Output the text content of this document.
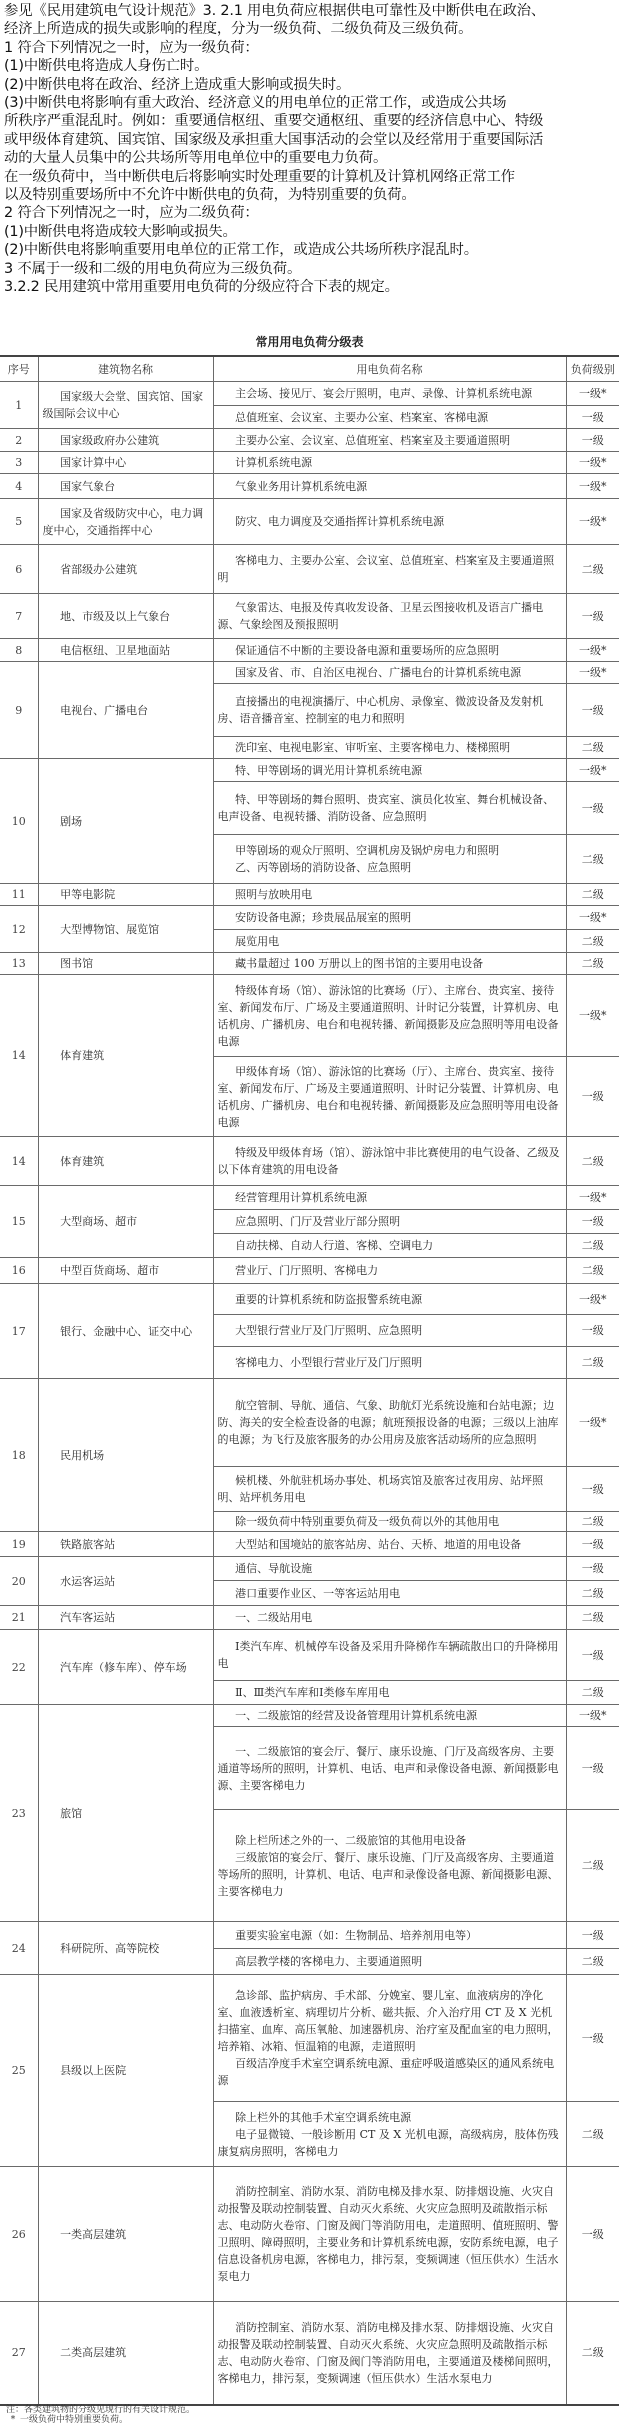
参见《民用建筑电气设计规范》3. 2.1 用电负荷应根据供电可靠性及中断供电在政治、

经济上所造成的损失或影响的程度，分为一级负荷、二级负荷及三级负荷。

1 符合下列情况之一时，应为一级负荷：

(1)中断供电将造成人身伤亡时。

(2)中断供电将在政治、经济上造成重大影响或损失时。

(3)中断供电将影响有重大政治、经济意义的用电单位的正常工作，或造成公共场

所秩序严重混乱时。例如：重要通信枢纽、重要交通枢纽、重要的经济信息中心、特级

或甲级体育建筑、国宾馆、国家级及承担重大国事活动的会堂以及经常用于重要国际活

动的大量人员集中的公共场所等用电单位中的重要电力负荷。

在一级负荷中，当中断供电后将影响实时处理重要的计算机及计算机网络正常工作

以及特别重要场所中不允许中断供电的负荷，为特别重要的负荷。

2 符合下列情况之一时，应为二级负荷：

(1)中断供电将造成较大影响或损失。

(2)中断供电将影响重要用电单位的正常工作，或造成公共场所秩序混乱时。

3 不属于一级和二级的用电负荷应为三级负荷。

3.2.2 民用建筑中常用重要用电负荷的分级应符合下表的规定。

常用用电负荷分级表
序号	建筑物名称	用电负荷名称	负荷级别
1	国家级大会堂、国宾馆、国家级国际会议中心	主会场、接见厅、宴会厅照明，电声、录像、计算机系统电源	一级*

		总值班室、会议室、主要办公室、档案室、客梯电源	一级
2	国家级政府办公建筑	主要办公室、会议室、总值班室、档案室及主要通道照明	一级
3	国家计算中心	计算机系统电源	一级*
4	国家气象台	气象业务用计算机系统电源	一级*
5	国家及省级防灾中心，电力调度中心，交通指挥中心	防灾、电力调度及交通指挥计算机系统电源	一级*
6	省部级办公建筑	客梯电力、主要办公室、会议室、总值班室、档案室及主要通道照明	二级
7	地、市级及以上气象台	气象雷达、电报及传真收发设备、卫星云图接收机及语言广播电源、气象绘图及预报照明	一级
8	电信枢纽、卫星地面站	保证通信不中断的主要设备电源和重要场所的应急照明	一级*
9	电视台、广播电台	国家及省、市、自治区电视台、广播电台的计算机系统电源	一级*

		直接播出的电视演播厅、中心机房、录像室、微波设备及发射机房、语音播音室、控制室的电力和照明	一级

		洗印室、电视电影室、审听室、主要客梯电力、楼梯照明	二级
10	剧场	特、甲等剧场的调光用计算机系统电源	一级*

		特、甲等剧场的舞台照明、贵宾室、演员化妆室、舞台机械设备、电声设备、电视转播、消防设备、应急照明	一级

		甲等剧场的观众厅照明、空调机房及锅炉房电力和照明
乙、丙等剧场的消防设备、应急照明	二级
11	甲等电影院	照明与放映用电	二级
12	大型博物馆、展览馆	安防设备电源；珍贵展品展室的照明	一级*

		展览用电	二级
13	图书馆	藏书量超过 100 万册以上的图书馆的主要用电设备	二级
14	体育建筑	特级体育场（馆）、游泳馆的比赛场（厅）、主席台、贵宾室、接待室、新闻发布厅、广场及主要通道照明、计时记分装置，计算机房、电话机房、广播机房、电台和电视转播、新闻摄影及应急照明等用电设备电源	一级*

		甲级体育场（馆）、游泳馆的比赛场（厅）、主席台、贵宾室、接待室、新闻发布厅、广场及主要通道照明、计时记分装置、计算机房、电话机房、广播机房、电台和电视转播、新闻摄影及应急照明等用电设备电源	一级
14	体育建筑	特级及甲级体育场（馆）、游泳馆中非比赛使用的电气设备、乙级及以下体育建筑的用电设备	二级
15	大型商场、超市	经营管理用计算机系统电源	一级*

		应急照明、门厅及营业厅部分照明	一级

		自动扶梯、自动人行道、客梯、空调电力	二级
16	中型百货商场、超市	营业厅、门厅照明、客梯电力	二级
17	银行、金融中心、证交中心	重要的计算机系统和防盗报警系统电源	一级*

		大型银行营业厅及门厅照明、应急照明	一级

		客梯电力、小型银行营业厅及门厅照明	二级
18	民用机场	航空管制、导航、通信、气象、助航灯光系统设施和台站电源；边防、海关的安全检查设备的电源；航班预报设备的电源；三级以上油库的电源；为飞行及旅客服务的办公用房及旅客活动场所的应急照明	一级*

		候机楼、外航驻机场办事处、机场宾馆及旅客过夜用房、站坪照明、站坪机务用电	一级

		除一级负荷中特别重要负荷及一级负荷以外的其他用电	二级
19	铁路旅客站	大型站和国境站的旅客站房、站台、天桥、地道的用电设备	一级
20	水运客运站	通信、导航设施	一级

		港口重要作业区、一等客运站用电	二级
21	汽车客运站	一、二级站用电	二级
22	汽车库（修车库）、停车场	Ⅰ类汽车库、机械停车设备及采用升降梯作车辆疏散出口的升降梯用电	一级

		Ⅱ、Ⅲ类汽车库和Ⅰ类修车库用电	二级
23	旅馆	一、二级旅馆的经营及设备管理用计算机系统电源	一级*

		一、二级旅馆的宴会厅、餐厅、康乐设施、门厅及高级客房、主要通道等场所的照明，计算机、电话、电声和录像设备电源、新闻摄影电源、主要客梯电力	一级

		除上栏所述之外的一、二级旅馆的其他用电设备
三级旅馆的宴会厅、餐厅、康乐设施、门厅及高级客房、主要通道等场所的照明，计算机、电话、电声和录像设备电源、新闻摄影电源、主要客梯电力	二级
24	科研院所、高等院校	重要实验室电源（如：生物制品、培养剂用电等）	一级

		高层教学楼的客梯电力、主要通道照明	二级
25	县级以上医院	急诊部、监护病房、手术部、分娩室、婴儿室、血液病房的净化室、血液透析室、病理切片分析、磁共振、介入治疗用 CT 及 X 光机扫描室、血库、高压氧舱、加速器机房、治疗室及配血室的电力照明，培养箱、冰箱、恒温箱的电源，走道照明
百级洁净度手术室空调系统电源、重症呼吸道感染区的通风系统电源	一级

		除上栏外的其他手术室空调系统电源
电子显微镜、一般诊断用 CT 及 X 光机电源，高级病房，肢体伤残康复病房照明，客梯电力	二级
26	一类高层建筑	消防控制室、消防水泵、消防电梯及排水泵、防排烟设施、火灾自动报警及联动控制装置、自动灭火系统、火灾应急照明及疏散指示标志、电动防火卷帘、门窗及阀门等消防用电，走道照明、值班照明、警卫照明、障碍照明，主要业务和计算机系统电源，安防系统电源，电子信息设备机房电源，客梯电力，排污泵，变频调速（恒压供水）生活水泵电力	一级
27	二类高层建筑	消防控制室、消防水泵、消防电梯及排水泵、防排烟设施、火灾自动报警及联动控制装置、自动灭火系统、火灾应急照明及疏散指示标志、电动防火卷帘、门窗及阀门等消防用电，主要通道及楼梯间照明，客梯电力，排污泵，变频调速（恒压供水）生活水泵电力	二级

注：各类建筑物的分级见现行的有关设计规范。

* 一级负荷中特别重要负荷。
